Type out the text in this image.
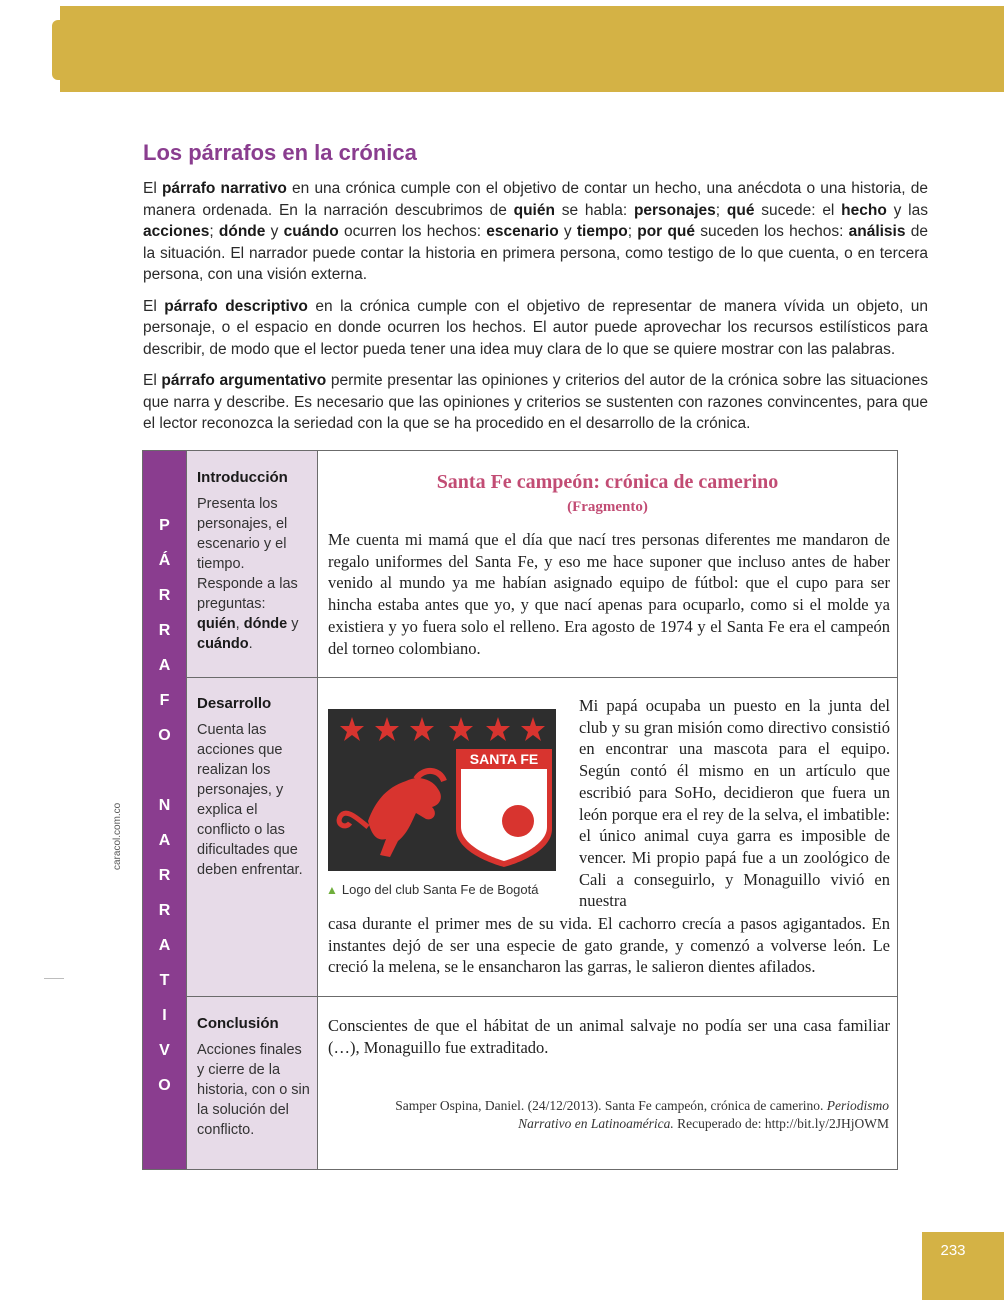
Los párrafos en la crónica

El párrafo narrativo en una crónica cumple con el objetivo de contar un hecho, una anécdota o una historia, de manera ordenada. En la narración descubrimos de quién se habla: personajes; qué sucede: el hecho y las acciones; dónde y cuándo ocurren los hechos: escenario y tiempo; por qué suceden los hechos: análisis de la situación. El narrador puede contar la historia en primera persona, como testigo de lo que cuenta, o en tercera persona, con una visión externa.

El párrafo descriptivo en la crónica cumple con el objetivo de representar de manera vívida un objeto, un personaje, o el espacio en donde ocurren los hechos. El autor puede aprovechar los recursos estilísticos para describir, de modo que el lector pueda tener una idea muy clara de lo que se quiere mostrar con las palabras.

El párrafo argumentativo permite presentar las opiniones y criterios del autor de la crónica sobre las situaciones que narra y describe. Es necesario que las opiniones y criterios se sustenten con razones convincentes, para que el lector reconozca la seriedad con la que se ha procedido en el desarrollo de la crónica.

caracol.com.co
P
Á
R
R
A
F
O
N
A
R
R
A
T
I
V
O
Introducción
Presenta los personajes, el escenario y el tiempo. Responde a las preguntas: quién, dónde y cuándo.
Desarrollo
Cuenta las acciones que realizan los personajes, y explica el conflicto o las dificultades que deben enfrentar.
Conclusión
Acciones finales y cierre de la historia, con o sin la solución del conflicto.
Santa Fe campeón: crónica de camerino
(Fragmento)

Me cuenta mi mamá que el día que nací tres personas diferentes me mandaron de regalo uniformes del Santa Fe, y eso me hace suponer que incluso antes de haber venido al mundo ya me habían asignado equipo de fútbol: que el cupo para ser hincha estaba antes que yo, y que nací apenas para ocuparlo, como si el molde ya existiera y yo fuera solo el relleno. Era agosto de 1974 y el Santa Fe era el campeón del torneo colombiano.

SANTA FE
▲ Logo del club Santa Fe de Bogotá

Mi papá ocupaba un puesto en la junta del club y su gran misión como directivo consistió en encontrar una mascota para el equipo. Según contó él mismo en un artículo que escribió para SoHo, decidieron que fuera un león porque era el rey de la selva, el imbatible: el único animal cuya garra es imposible de vencer. Mi propio papá fue a un zoológico de Cali a conseguirlo, y Monaguillo vivió en nuestra

casa durante el primer mes de su vida. El cachorro crecía a pasos agigantados. En instantes dejó de ser una especie de gato grande, y comenzó a volverse león. Le creció la melena, se le ensancharon las garras, le salieron dientes afilados.

Conscientes de que el hábitat de un animal salvaje no podía ser una casa familiar (…), Monaguillo fue extraditado.

Samper Ospina, Daniel. (24/12/2013). Santa Fe campeón, crónica de camerino. Periodismo Narrativo en Latinoamérica. Recuperado de: http://bit.ly/2JHjOWM
233
